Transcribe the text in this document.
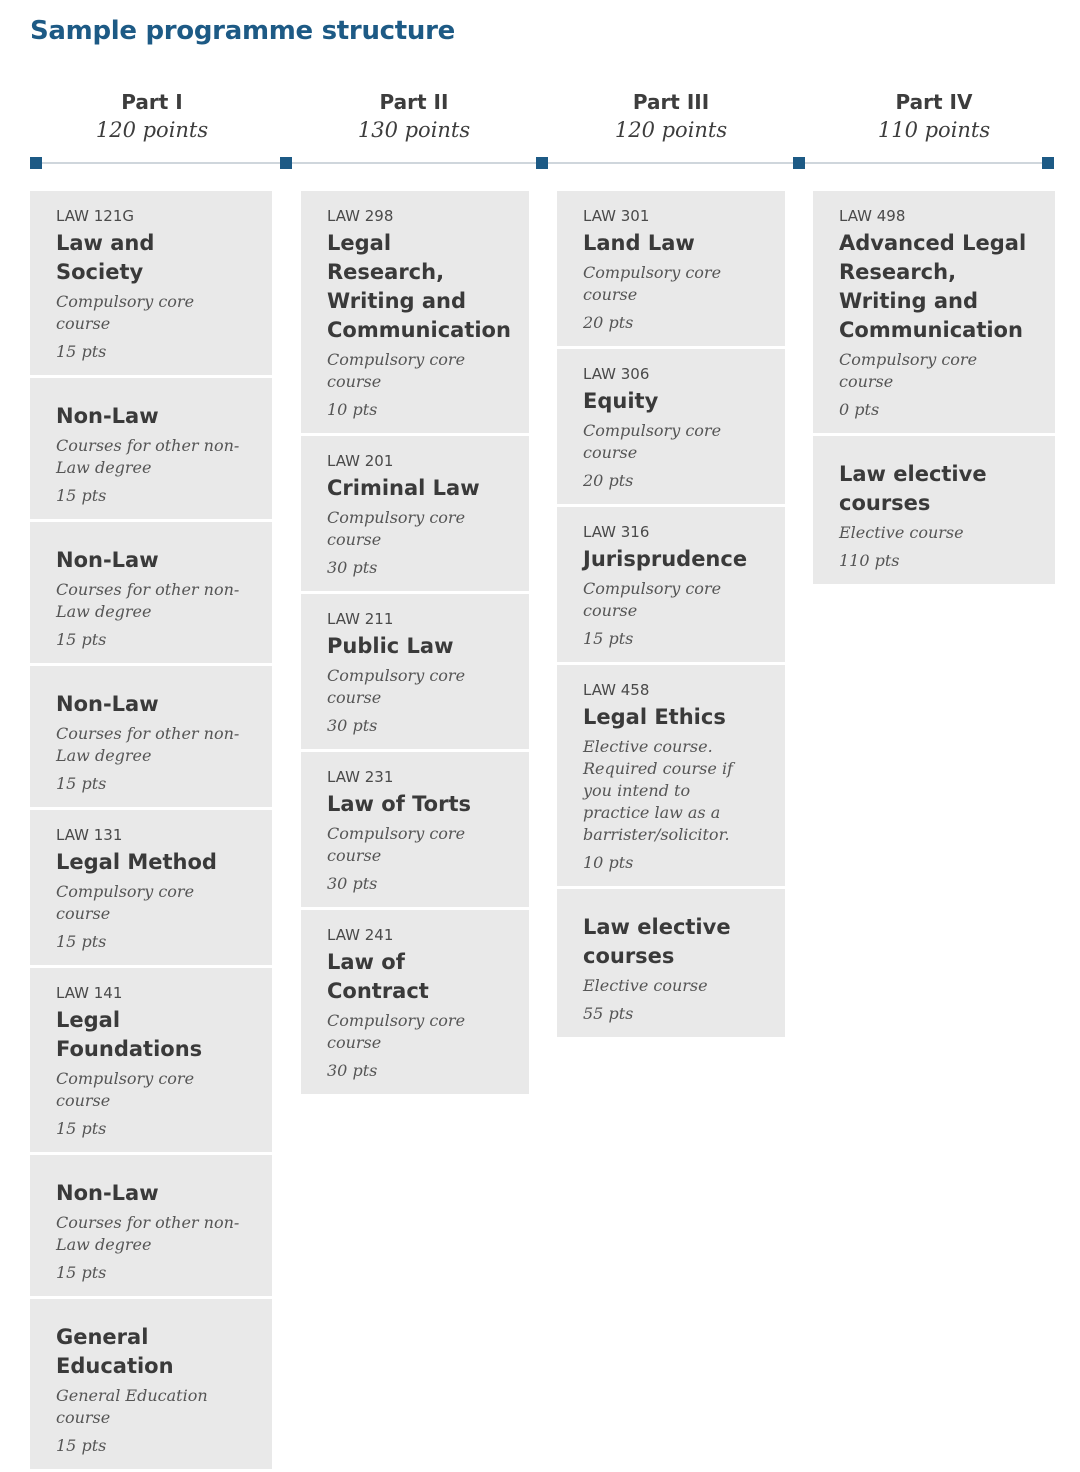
Sample programme structure
Part I
120 points
Part II
130 points
Part III
120 points
Part IV
110 points
LAW 121G
Law and Society
Compulsory core course
15 pts
Non-Law
Courses for other non-Law degree
15 pts
Non-Law
Courses for other non-Law degree
15 pts
Non-Law
Courses for other non-Law degree
15 pts
LAW 131
Legal Method
Compulsory core course
15 pts
LAW 141
Legal Foundations
Compulsory core course
15 pts
Non-Law
Courses for other non-Law degree
15 pts
General Education
General Education course
15 pts
LAW 298
Legal Research, Writing and Communication
Compulsory core course
10 pts
LAW 201
Criminal Law
Compulsory core course
30 pts
LAW 211
Public Law
Compulsory core course
30 pts
LAW 231
Law of Torts
Compulsory core course
30 pts
LAW 241
Law of Contract
Compulsory core course
30 pts
LAW 301
Land Law
Compulsory core course
20 pts
LAW 306
Equity
Compulsory core course
20 pts
LAW 316
Jurisprudence
Compulsory core course
15 pts
LAW 458
Legal Ethics
Elective course. Required course if you intend to practice law as a barrister/solicitor.
10 pts
Law elective courses
Elective course
55 pts
LAW 498
Advanced Legal Research, Writing and Communication
Compulsory core course
0 pts
Law elective courses
Elective course
110 pts
